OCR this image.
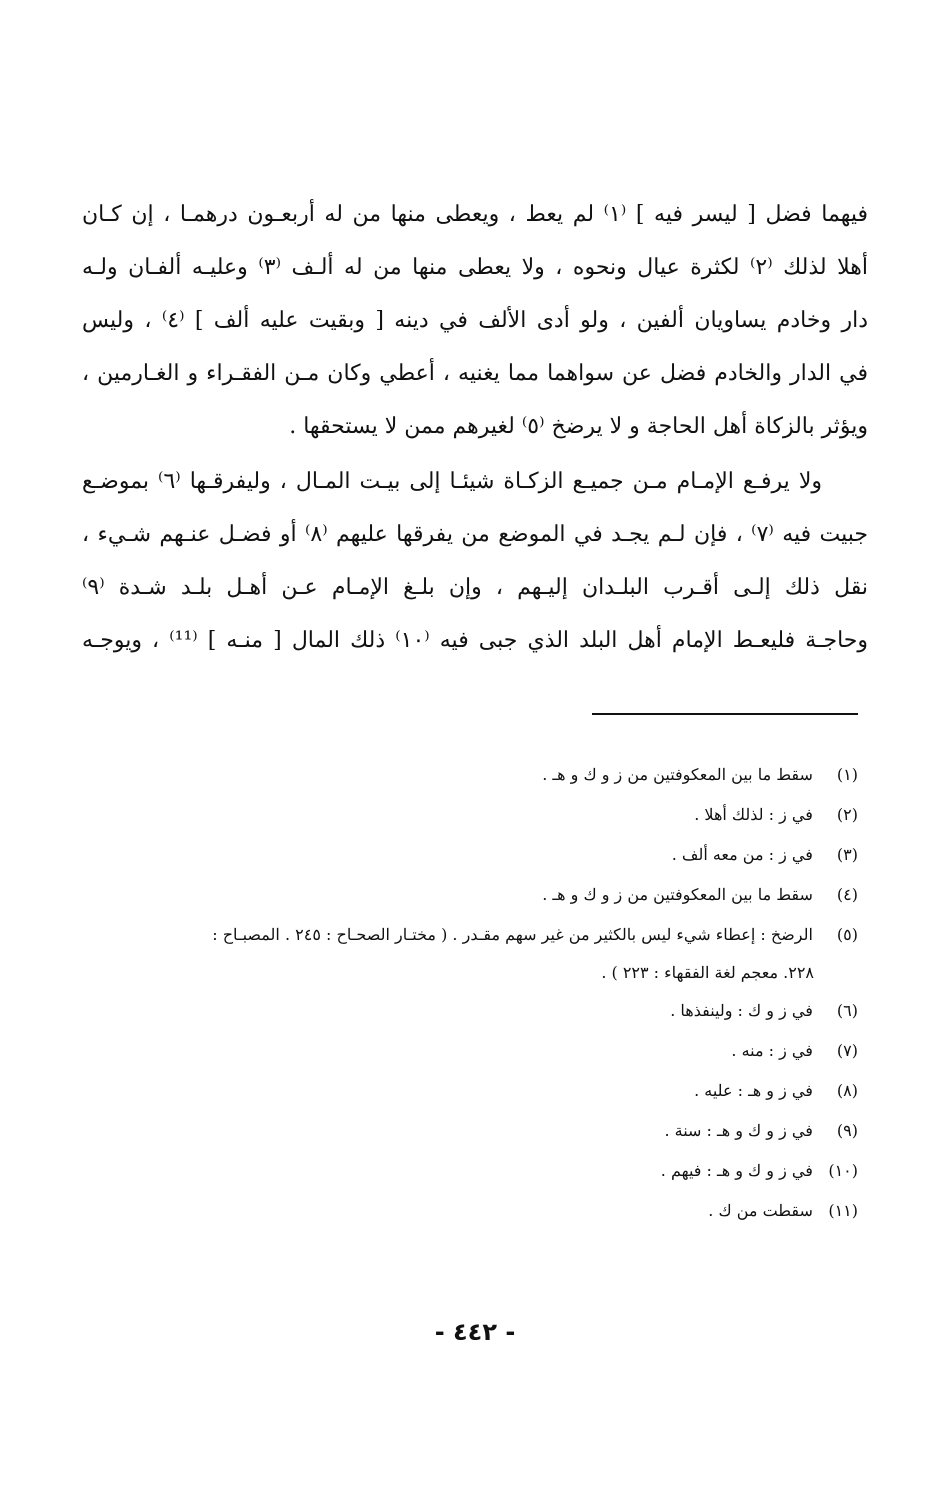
فيهما فضل [ ليسر فيه ] ⁽١⁾ لم يعط ، ويعطى منها من له أربعـون درهمـا ، إن كـان
أهلا لذلك ⁽٢⁾ لكثرة عيال ونحوه ، ولا يعطى منها من له ألـف ⁽٣⁾ وعليـه ألفـان ولـه
دار وخادم يساويان ألفين ، ولو أدى الألف في دينه [ وبقيت عليه ألف ] ⁽٤⁾ ، وليس
في الدار والخادم فضل عن سواهما مما يغنيه ، أعطي وكان مـن الفقـراء و الغـارمين ،
ويؤثر بالزكاة أهل الحاجة و لا يرضخ ⁽٥⁾ لغيرهم ممن لا يستحقها .
ولا يرفـع الإمـام مـن جميـع الزكـاة شيئـا إلى بيـت المـال ، وليفرقـها ⁽٦⁾ بموضـع
جبيت فيه ⁽٧⁾ ، فإن لـم يجـد في الموضع من يفرقها عليهم ⁽٨⁾ أو فضـل عنـهم شـيء ،
نقل ذلك إلـى أقـرب البلـدان إليـهم ، وإن بلـغ الإمـام عـن أهـل بلـد شـدة ⁽٩⁾
وحاجـة فليعـط الإمام أهل البلد الذي جبى فيه ⁽١٠⁾ ذلك المال [ منـه ] ⁽¹¹⁾ ، ويوجـه
(١) سقط ما بين المعكوفتين من ز و ك و هـ .
(٢) في ز : لذلك أهلا .
(٣) في ز : من معه ألف .
(٤) سقط ما بين المعكوفتين من ز و ك و هـ .
(٥) الرضخ : إعطاء شيء ليس بالكثير من غير سهم مقـدر . ( مختـار الصحـاح : ٢٤٥ . المصبـاح :
٢٢٨. معجم لغة الفقهاء : ٢٢٣ ) .
(٦) في ز و ك : ولينفذها .
(٧) في ز : منه .
(٨) في ز و هـ : عليه .
(٩) في ز و ك و هـ : سنة .
(١٠) في ز و ك و هـ : فيهم .
(١١) سقطت من ك .
- ٤٤٢ -
